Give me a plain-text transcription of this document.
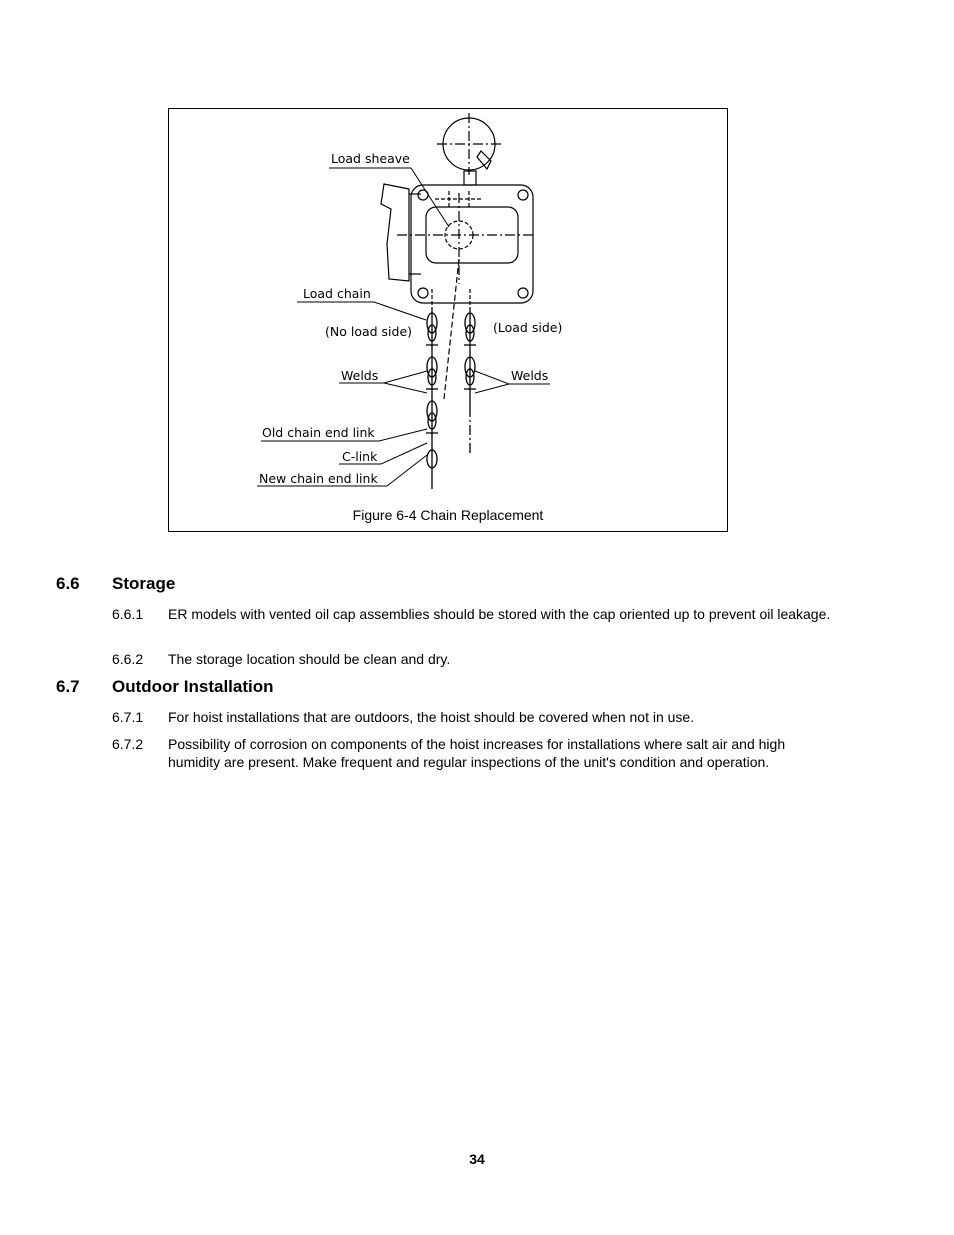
Load sheave
Load chain
(No load side)	(Load side)
Welds	Welds
Old chain end link
C-link
New chain end link
Figure 6-4 Chain Replacement
6.6 Storage
6.6.1 ER models with vented oil cap assemblies should be stored with the cap oriented up to prevent oil leakage.
6.6.2 The storage location should be clean and dry.
6.7 Outdoor Installation
6.7.1 For hoist installations that are outdoors, the hoist should be covered when not in use.
6.7.2 Possibility of corrosion on components of the hoist increases for installations where salt air and high humidity are present. Make frequent and regular inspections of the unit's condition and operation.
34
